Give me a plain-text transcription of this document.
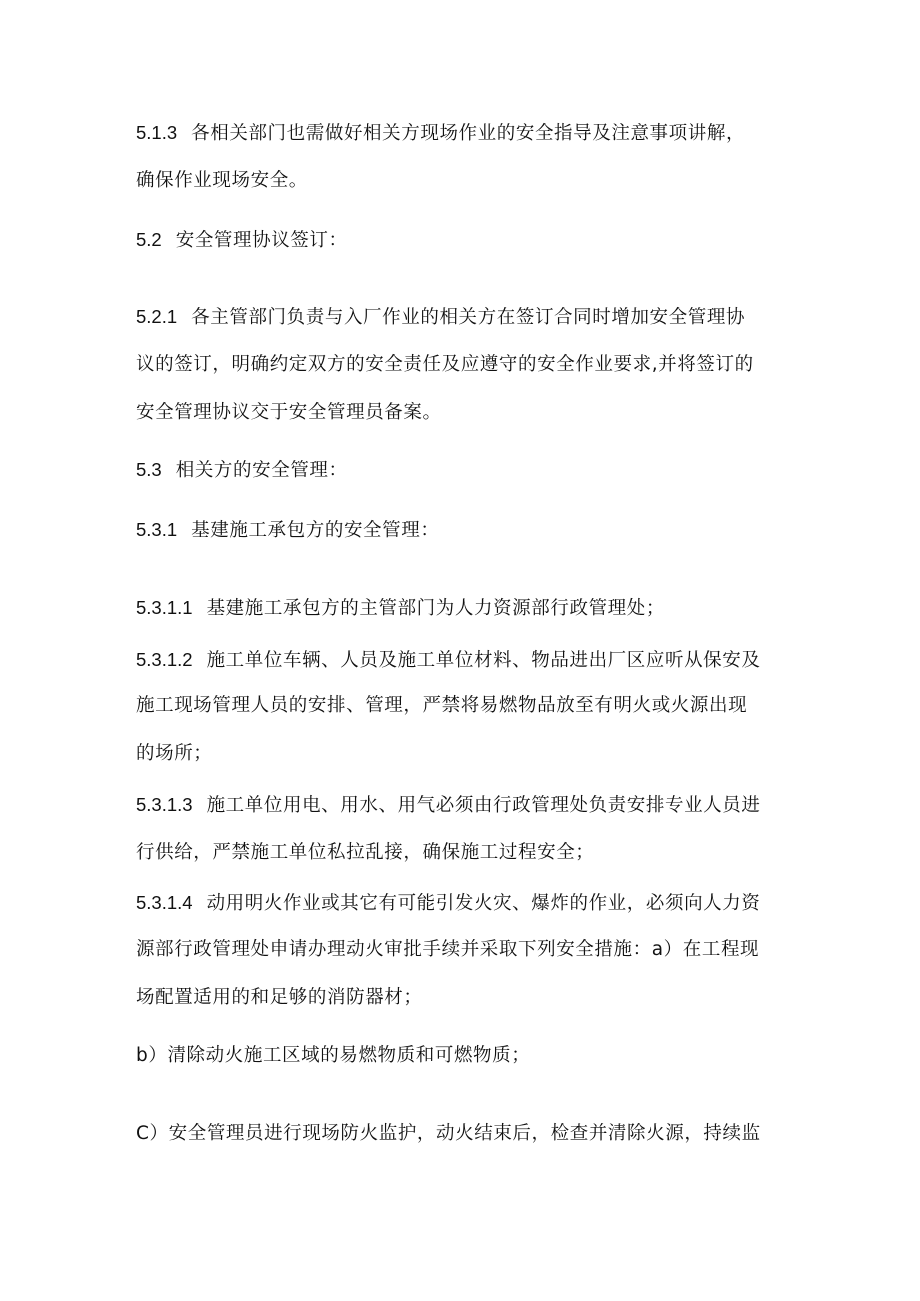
5.1.3 各相关部门也需做好相关方现场作业的安全指导及注意事项讲解，
确保作业现场安全。
5.2 安全管理协议签订：
5.2.1 各主管部门负责与入厂作业的相关方在签订合同时增加安全管理协
议的签订，明确约定双方的安全责任及应遵守的安全作业要求,并将签订的
安全管理协议交于安全管理员备案。
5.3 相关方的安全管理：
5.3.1 基建施工承包方的安全管理：
5.3.1.1 基建施工承包方的主管部门为人力资源部行政管理处；
5.3.1.2 施工单位车辆、人员及施工单位材料、物品进出厂区应听从保安及
施工现场管理人员的安排、管理，严禁将易燃物品放至有明火或火源出现
的场所；
5.3.1.3 施工单位用电、用水、用气必须由行政管理处负责安排专业人员进
行供给，严禁施工单位私拉乱接，确保施工过程安全；
5.3.1.4 动用明火作业或其它有可能引发火灾、爆炸的作业，必须向人力资
源部行政管理处申请办理动火审批手续并采取下列安全措施：a）在工程现
场配置适用的和足够的消防器材；
b）清除动火施工区域的易燃物质和可燃物质；
C）安全管理员进行现场防火监护，动火结束后，检查并清除火源，持续监
